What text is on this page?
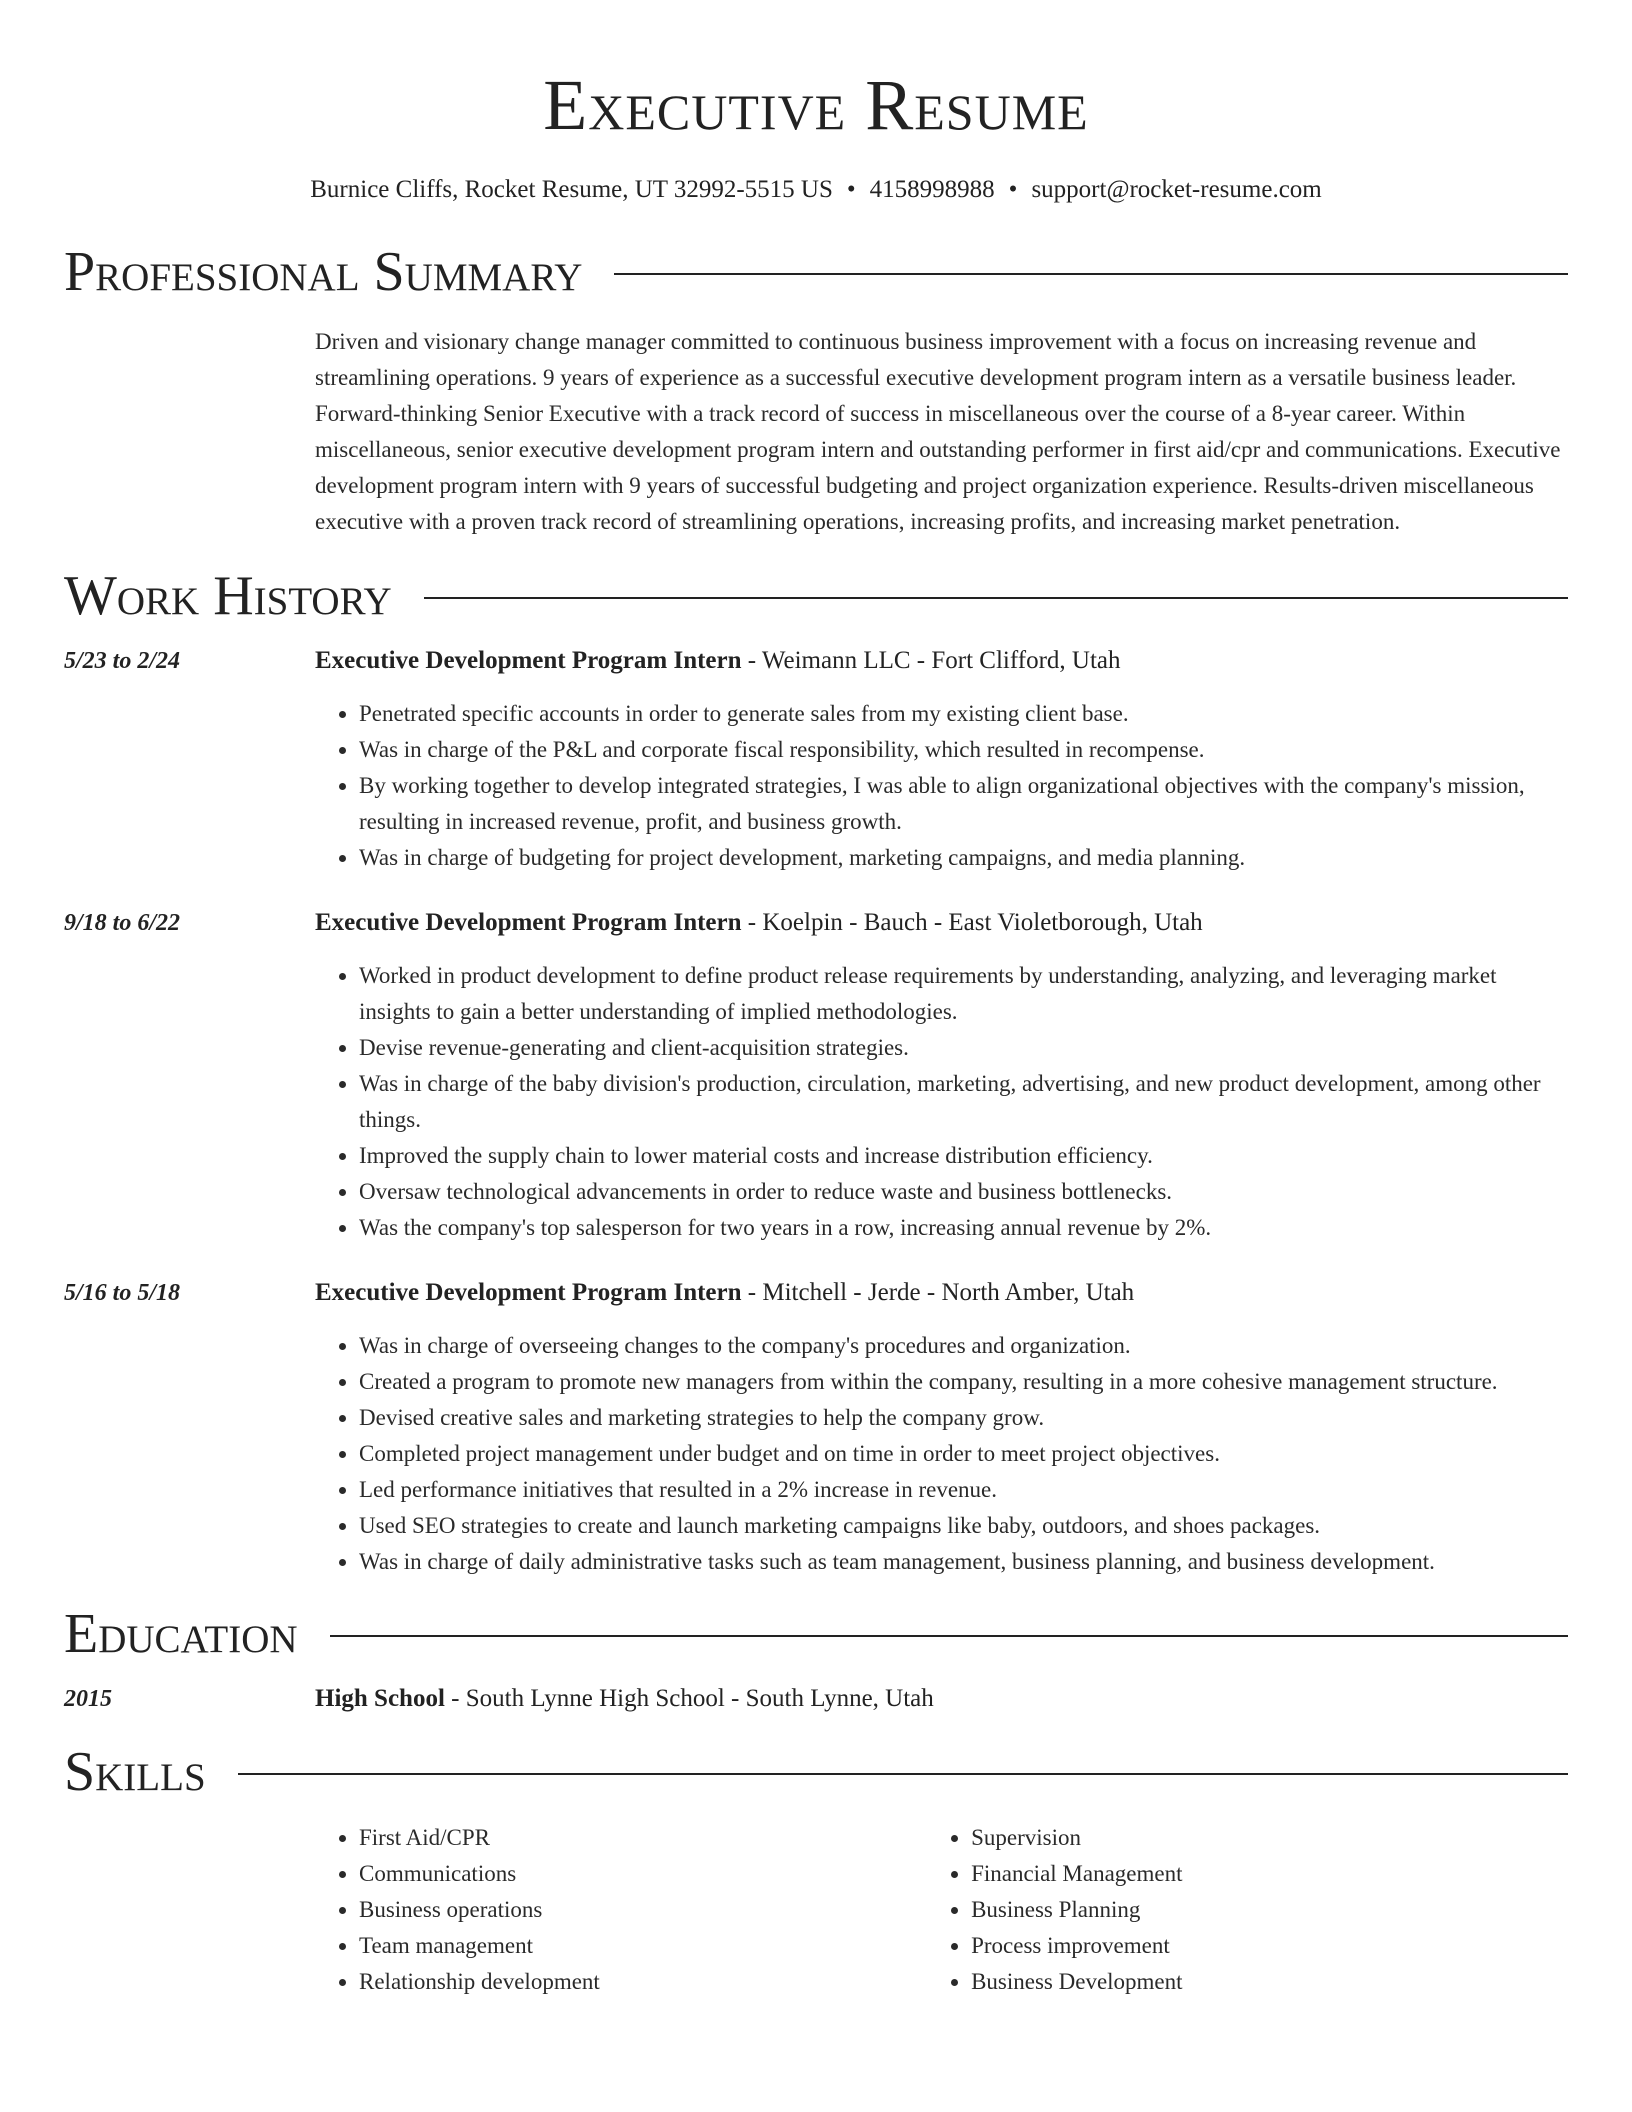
Executive Resume
Burnice Cliffs, Rocket Resume, UT 32992-5515 US • 4158998988 • support@rocket-resume.com
Professional Summary
Driven and visionary change manager committed to continuous business improvement with a focus on increasing revenue and streamlining operations. 9 years of experience as a successful executive development program intern as a versatile business leader. Forward-thinking Senior Executive with a track record of success in miscellaneous over the course of a 8-year career. Within miscellaneous, senior executive development program intern and outstanding performer in first aid/cpr and communications. Executive development program intern with 9 years of successful budgeting and project organization experience. Results-driven miscellaneous executive with a proven track record of streamlining operations, increasing profits, and increasing market penetration.
Work History
5/23 to 2/24	Executive Development Program Intern - Weimann LLC - Fort Clifford, Utah
• Penetrated specific accounts in order to generate sales from my existing client base.
• Was in charge of the P&L and corporate fiscal responsibility, which resulted in recompense.
• By working together to develop integrated strategies, I was able to align organizational objectives with the company's mission, resulting in increased revenue, profit, and business growth.
• Was in charge of budgeting for project development, marketing campaigns, and media planning.
9/18 to 6/22	Executive Development Program Intern - Koelpin - Bauch - East Violetborough, Utah
• Worked in product development to define product release requirements by understanding, analyzing, and leveraging market insights to gain a better understanding of implied methodologies.
• Devise revenue-generating and client-acquisition strategies.
• Was in charge of the baby division's production, circulation, marketing, advertising, and new product development, among other things.
• Improved the supply chain to lower material costs and increase distribution efficiency.
• Oversaw technological advancements in order to reduce waste and business bottlenecks.
• Was the company's top salesperson for two years in a row, increasing annual revenue by 2%.
5/16 to 5/18	Executive Development Program Intern - Mitchell - Jerde - North Amber, Utah
• Was in charge of overseeing changes to the company's procedures and organization.
• Created a program to promote new managers from within the company, resulting in a more cohesive management structure.
• Devised creative sales and marketing strategies to help the company grow.
• Completed project management under budget and on time in order to meet project objectives.
• Led performance initiatives that resulted in a 2% increase in revenue.
• Used SEO strategies to create and launch marketing campaigns like baby, outdoors, and shoes packages.
• Was in charge of daily administrative tasks such as team management, business planning, and business development.
Education
2015	High School - South Lynne High School - South Lynne, Utah
Skills
• First Aid/CPR
• Communications
• Business operations
• Team management
• Relationship development
• Supervision
• Financial Management
• Business Planning
• Process improvement
• Business Development
